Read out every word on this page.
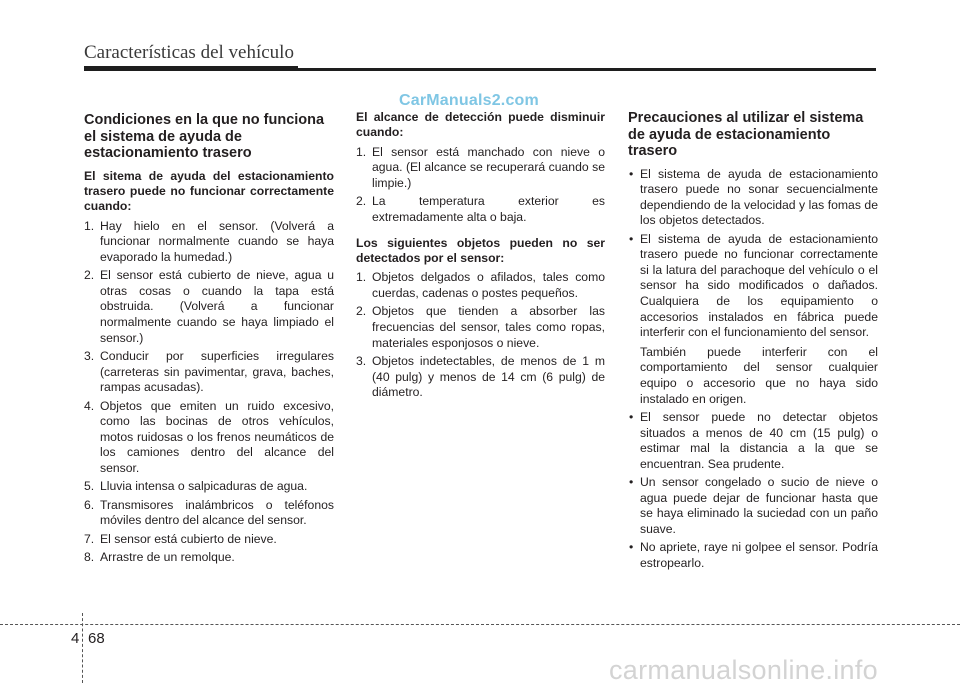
Características del vehículo
CarManuals2.com
Condiciones en la que no funciona el sistema de ayuda de estacionamiento trasero
El sitema de ayuda del estacionamiento trasero puede no funcionar correctamente cuando:
1. Hay hielo en el sensor. (Volverá a funcionar normalmente cuando se haya evaporado la humedad.)
2. El sensor está cubierto de nieve, agua u otras cosas o cuando la tapa está obstruida. (Volverá a funcionar normalmente cuando se haya limpiado el sensor.)
3. Conducir por superficies irregulares (carreteras sin pavimentar, grava, baches, rampas acusadas).
4. Objetos que emiten un ruido excesivo, como las bocinas de otros vehículos, motos ruidosas o los frenos neumáticos de los camiones dentro del alcance del sensor.
5. Lluvia intensa o salpicaduras de agua.
6. Transmisores inalámbricos o teléfonos móviles dentro del alcance del sensor.
7. El sensor está cubierto de nieve.
8. Arrastre de un remolque.
El alcance de detección puede disminuir cuando:
1. El sensor está manchado con nieve o agua. (El alcance se recuperará cuando se limpie.)
2. La temperatura exterior es extremadamente alta o baja.
Los siguientes objetos pueden no ser detectados por el sensor:
1. Objetos delgados o afilados, tales como cuerdas, cadenas o postes pequeños.
2. Objetos que tienden a absorber las frecuencias del sensor, tales como ropas, materiales esponjosos o nieve.
3. Objetos indetectables, de menos de 1 m (40 pulg) y menos de 14 cm (6 pulg) de diámetro.
Precauciones al utilizar el sistema de ayuda de estacionamiento trasero
• El sistema de ayuda de estacionamiento trasero puede no sonar secuencialmente dependiendo de la velocidad y las fomas de los objetos detectados.
• El sistema de ayuda de estacionamiento trasero puede no funcionar correctamente si la latura del parachoque del vehículo o el sensor ha sido modificados o dañados. Cualquiera de los equipamiento o accesorios instalados en fábrica puede interferir con el funcionamiento del sensor.
También puede interferir con el comportamiento del sensor cualquier equipo o accesorio que no haya sido instalado en origen.
• El sensor puede no detectar objetos situados a menos de 40 cm (15 pulg) o estimar mal la distancia a la que se encuentran. Sea prudente.
• Un sensor congelado o sucio de nieve o agua puede dejar de funcionar hasta que se haya eliminado la suciedad con un paño suave.
• No apriete, raye ni golpee el sensor. Podría estropearlo.
4 68
carmanualsonline.info
